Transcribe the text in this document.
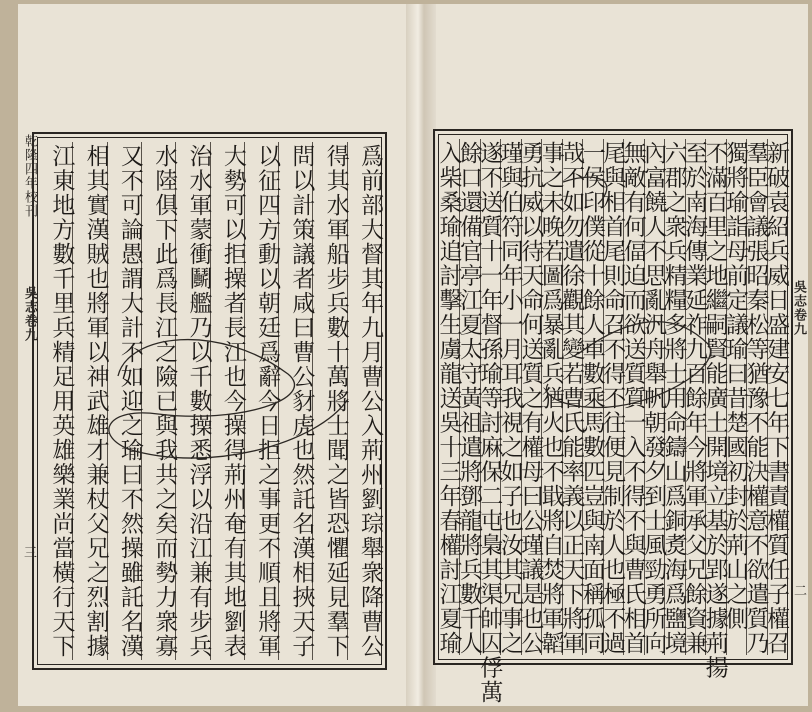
乾隆四年校刊
吳志卷九
三	爲前部大督其年九月曹公入荊州劉琮舉衆降曹公
得其水軍船步兵數十萬將士聞之皆恐懼延見羣下
問以計策議者咸曰曹公豺虎也然託名漢相挾天子
以征四方動以朝廷爲辭今日拒之事更不順且將軍
大勢可以拒操者長江也今操得荊州奄有其地劉表
治水軍蒙衝鬭艦乃以千數操悉浮以沿江兼有步兵
水陸俱下此爲長江之險已與我共之矣而勢力衆寡
又不可論愚謂大計不如迎之瑜曰不然操雖託名漢
相其實漢賊也將軍以神武雄才兼杖父兄之烈割據
江東地方數千里兵精足用英雄樂業尚當橫行天下	新破袁紹兵威日盛建安七年下書責權質任子權召
羣臣會議張昭秦松等猶豫不能決權意不欲遣質乃
獨將瑜詣母前定議瑜曰昔楚國初封於荊山之側
不滿百里之地繼嗣賢能廣土開境立基於郢遂據荊揚
至於南海傳業延祚九百餘年今將軍承父兄餘資兼
六郡之衆兵精糧多將士用命鑄山爲銅煑海爲鹽境
內富饒人不思亂汎舟舉帆朝發夕到士風勁勇所向
無敵有何偪迫而欲送質質一入不得不與曹氏相首
尾與相首尾則命召不得不往便見制於人也極不過
一侯印僕從十餘人車數乘馬數匹豈與南面稱孤同
哉不如勿遣徐觀其變若曹氏能率義以正天下將軍
事之未晚若圖爲暴亂兵猶火也不戢將自焚將軍韜
勇抗威以待天命何送質之有權母曰公瑾議是也公
瑾與伯符同年小一月耳我視之如子也汝其兄事之
遂不送質十一年督孫瑜等討麻保二屯梟其渠帥囚俘萬
餘口還備官亭江夏太守黃祖遣將鄧龍將兵數千人
入柴桑瑜追討擊生虜龍送吳十三年春權討江夏瑜	吳志卷九
二
